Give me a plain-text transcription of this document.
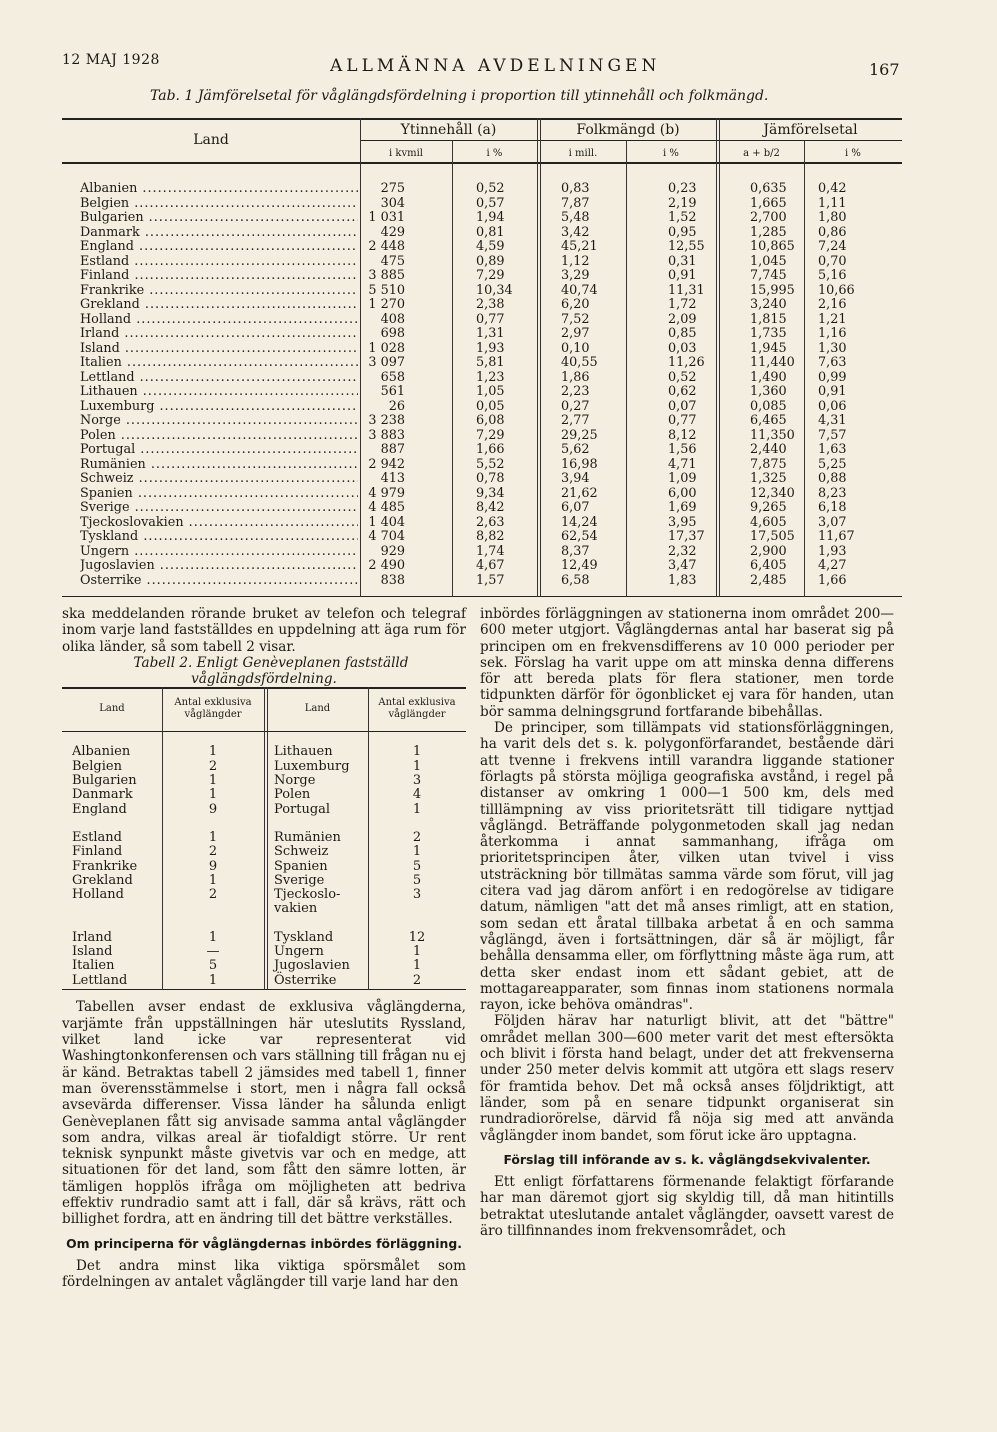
12 MAJ 1928	ALLMÄNNA AVDELNINGEN	167
Tab. 1 Jämförelsetal för våglängdsfördelning i proportion till ytinnehåll och folkmängd.
Land
Ytinnehåll (a)	Folkmängd (b)	Jämförelsetal
i kvmil	i %	i mill.	i %	a + b/2	i %
Albanien .....	275	0,52	0,83	0,23	0,635 0,42
Belgien .....	304	0,57	7,87	2,19	1,665 1,11
Bulgarien .....	1 031	1,94	5,48	1,52	2,700 1,80
Danmark .....	429	0,81	3,42	0,95	1,285 0,86
England .....	2 448	4,59	45,21	12,55	10,865 7,24
Estland .....	475	0,89	1,12	0,31	1,045 0,70
Finland .....	3 885	7,29	3,29	0,91	7,745 5,16
Frankrike .....	5 510	10,34	40,74	11,31	15,995 10,66
Grekland .....	1 270	2,38	6,20	1,72	3,240 2,16
Holland .....	408	0,77	7,52	2,09	1,815 1,21
Irland .....	698	1,31	2,97	0,85	1,735 1,16
Island .....	1 028	1,93	0,10	0,03	1,945 1,30
Italien .....	3 097	5,81	40,55	11,26	11,440 7,63
Lettland .....	658	1,23	1,86	0,52	1,490 0,99
Lithauen .....	561	1,05	2,23	0,62	1,360 0,91
Luxemburg .....	26	0,05	0,27	0,07	0,085 0,06
Norge .....	3 238	6,08	2,77	0,77	6,465 4,31
Polen .....	3 883	7,29	29,25	8,12	11,350 7,57
Portugal .....	887	1,66	5,62	1,56	2,440 1,63
Rumänien .....	2 942	5,52	16,98	4,71	7,875 5,25
Schweiz .....	413	0,78	3,94	1,09	1,325 0,88
Spanien .....	4 979	9,34	21,62	6,00	12,340 8,23
Sverige .....	4 485	8,42	6,07	1,69	9,265 6,18
Tjeckoslovakien .....	1 404	2,63	14,24	3,95	4,605 3,07
Tyskland .....	4 704	8,82	62,54	17,37	17,505 11,67
Ungern .....	929	1,74	8,37	2,32	2,900 1,93
Jugoslavien .....	2 490	4,67	12,49	3,47	6,405 4,27
Österrike .....	838	1,57	6,58	1,83	2,485 1,66

ska meddelanden rörande bruket av telefon och telegraf inom varje land fastställdes en uppdelning att äga rum för olika länder, så som tabell 2 visar.

Tabell 2. Enligt Genèveplanen fastställd våglängdsfördelning.

Land
Antal exklusiva våglängder
Land
Antal exklusiva våglängder
Albanien	1	Lithauen	1
Belgien	2	Luxemburg	1
Bulgarien	1	Norge	3
Danmark	1	Polen	4
England	9	Portugal	1
Estland	1	Rumänien	2
Finland	2	Schweiz	1
Frankrike	9	Spanien	5
Grekland	1	Sverige	5
Holland	2	Tjeckoslo-	3
vakien
Irland	1	Tyskland	12
Island	—	Ungern	1
Italien	5	Jugoslavien	1
Lettland	1	Österrike	2

Tabellen avser endast de exklusiva våglängderna, varjämte från uppställningen här uteslutits Ryssland, vilket land icke var representerat vid Washingtonkonferensen och vars ställning till frågan nu ej är känd. Betraktas tabell 2 jämsides med tabell 1, finner man överensstämmelse i stort, men i några fall också avsevärda differenser. Vissa länder ha sålunda enligt Genèveplanen fått sig anvisade samma antal våglängder som andra, vilkas areal är tiofaldigt större. Ur rent teknisk synpunkt måste givetvis var och en medge, att situationen för det land, som fått den sämre lotten, är tämligen hopplös ifråga om möjligheten att bedriva effektiv rundradio samt att i fall, där så krävs, rätt och billighet fordra, att en ändring till det bättre verkställes.

Om principerna för våglängdernas inbördes förläggning.

Det andra minst lika viktiga spörsmålet som fördelningen av antalet våglängder till varje land har den

inbördes förläggningen av stationerna inom området 200—600 meter utgjort. Våglängdernas antal har baserat sig på principen om en frekvensdifferens av 10 000 perioder per sek. Förslag ha varit uppe om att minska denna differens för att bereda plats för flera stationer, men torde tidpunkten därför för ögonblicket ej vara för handen, utan bör samma delningsgrund fortfarande bibehållas.

De principer, som tillämpats vid stationsförläggningen, ha varit dels det s. k. polygonförfarandet, bestående däri att tvenne i frekvens intill varandra liggande stationer förlagts på största möjliga geografiska avstånd, i regel på distanser av omkring 1 000—1 500 km, dels med tilllämpning av viss prioritetsrätt till tidigare nyttjad våglängd. Beträffande polygonmetoden skall jag nedan återkomma i annat sammanhang, ifråga om prioritetsprincipen åter, vilken utan tvivel i viss utsträckning bör tillmätas samma värde som förut, vill jag citera vad jag därom anfört i en redogörelse av tidigare datum, nämligen "att det må anses rimligt, att en station, som sedan ett åratal tillbaka arbetat å en och samma våglängd, även i fortsättningen, där så är möjligt, får behålla densamma eller, om förflyttning måste äga rum, att detta sker endast inom ett sådant gebiet, att de mottagareapparater, som finnas inom stationens normala rayon, icke behöva omändras".

Följden härav har naturligt blivit, att det "bättre" området mellan 300—600 meter varit det mest eftersökta och blivit i första hand belagt, under det att frekvenserna under 250 meter delvis kommit att utgöra ett slags reserv för framtida behov. Det må också anses följdriktigt, att länder, som på en senare tidpunkt organiserat sin rundradiorörelse, därvid få nöja sig med att använda våglängder inom bandet, som förut icke äro upptagna.

Förslag till införande av s. k. våglängdsekvivalenter.

Ett enligt författarens förmenande felaktigt förfarande har man däremot gjort sig skyldig till, då man hitintills betraktat uteslutande antalet våglängder, oavsett varest de äro tillfinnandes inom frekvensområdet, och
